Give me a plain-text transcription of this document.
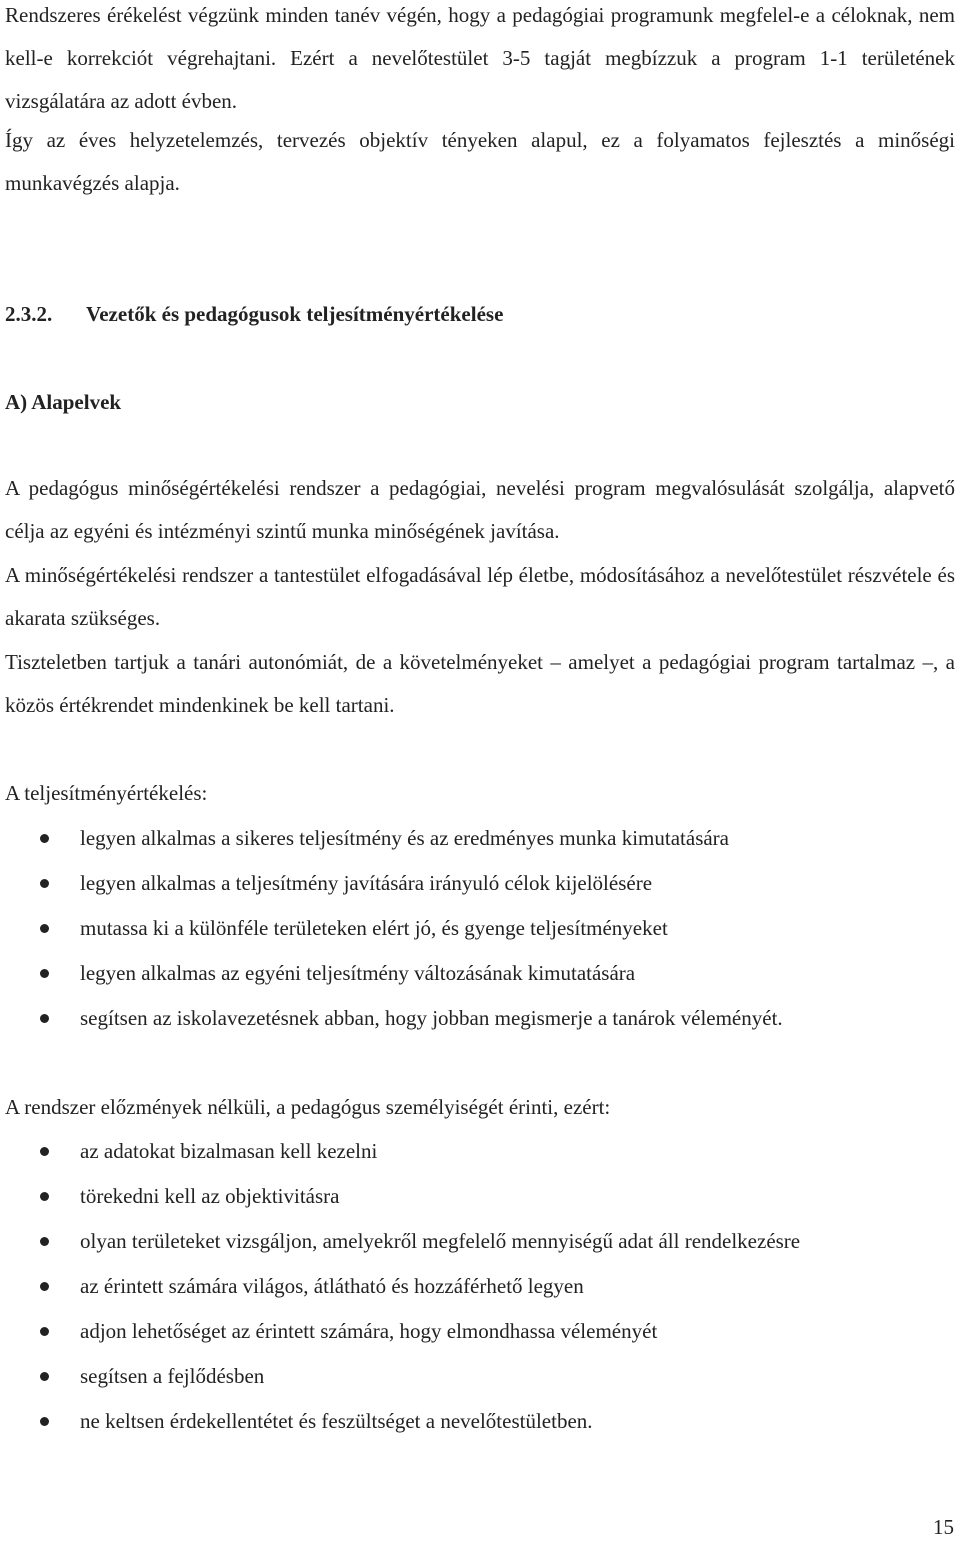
Rendszeres érékelést végzünk minden tanév végén, hogy a pedagógiai programunk megfelel-e a céloknak, nem kell-e korrekciót végrehajtani. Ezért a nevelőtestület 3-5 tagját megbízzuk a program 1-1 területének vizsgálatára az adott évben.

Így az éves helyzetelemzés, tervezés objektív tényeken alapul, ez a folyamatos fejlesztés a minőségi munkavégzés alapja.

2.3.2. Vezetők és pedagógusok teljesítményértékelése
A) Alapelvek

A pedagógus minőségértékelési rendszer a pedagógiai, nevelési program megvalósulását szolgálja, alapvető célja az egyéni és intézményi szintű munka minőségének javítása.

A minőségértékelési rendszer a tantestület elfogadásával lép életbe, módosításához a nevelőtestület részvétele és akarata szükséges.

Tiszteletben tartjuk a tanári autonómiát, de a követelményeket – amelyet a pedagógiai program tartalmaz –, a közös értékrendet mindenkinek be kell tartani.

A teljesítményértékelés:
legyen alkalmas a sikeres teljesítmény és az eredményes munka kimutatására
legyen alkalmas a teljesítmény javítására irányuló célok kijelölésére
mutassa ki a különféle területeken elért jó, és gyenge teljesítményeket
legyen alkalmas az egyéni teljesítmény változásának kimutatására
segítsen az iskolavezetésnek abban, hogy jobban megismerje a tanárok véleményét.
A rendszer előzmények nélküli, a pedagógus személyiségét érinti, ezért:
az adatokat bizalmasan kell kezelni
törekedni kell az objektivitásra
olyan területeket vizsgáljon, amelyekről megfelelő mennyiségű adat áll rendelkezésre
az érintett számára világos, átlátható és hozzáférhető legyen
adjon lehetőséget az érintett számára, hogy elmondhassa véleményét
segítsen a fejlődésben
ne keltsen érdekellentétet és feszültséget a nevelőtestületben.
15
